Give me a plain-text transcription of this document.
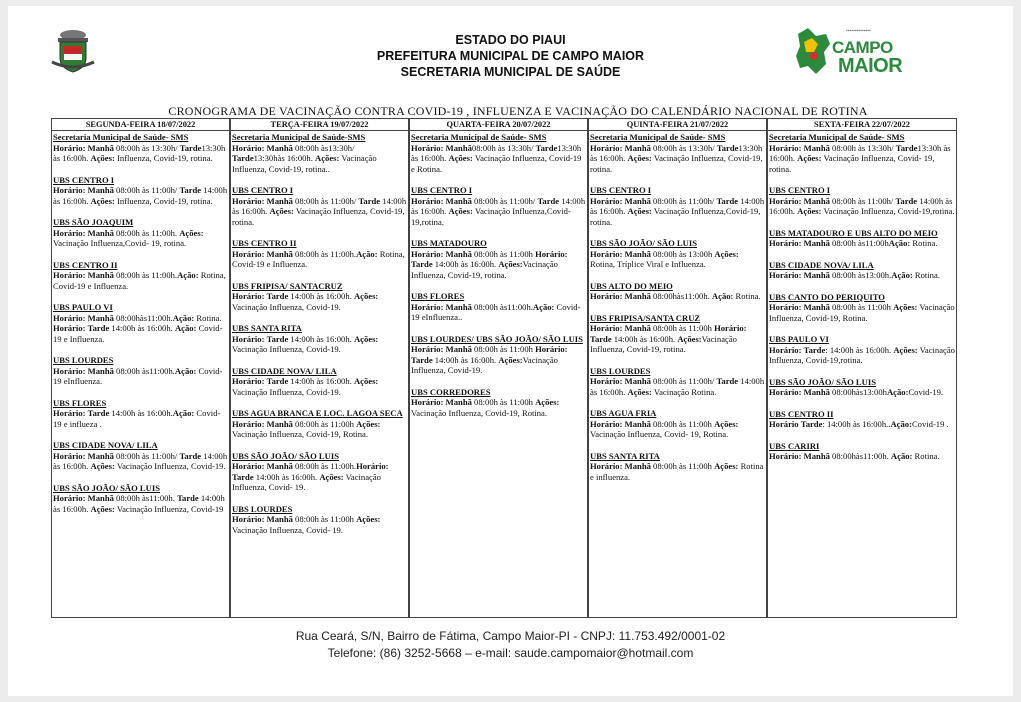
ESTADO DO PIAUI
PREFEITURA MUNICIPAL DE CAMPO MAIOR
SECRETARIA MUNICIPAL DE SAÚDE
▪▪▪▪▪▪▪▪▪▪▪▪▪▪
CAMPO
MAIOR
CRONOGRAMA DE VACINAÇÃO CONTRA COVID-19 , INFLUENZA E VACINAÇÃO DO CALENDÁRIO NACIONAL DE ROTINA
SEGUNDA-FEIRA 18/07/2022
Secretaria Municipal de Saúde- SMS
Horário: Manhã 08:00h às 13:30h/ Tarde13:30h às 16:00h. Ações: Influenza, Covid-19, rotina.
UBS CENTRO I
Horário: Manhã 08:00h às 11:00h/ Tarde 14:00h às 16:00h. Ações: Influenza, Covid-19, rotina.
UBS SÃO JOAQUIM
Horário: Manhã 08:00h às 11:00h. Ações: Vacinação Influenza,Covid- 19, rotina.
UBS CENTRO II
Horário: Manhã 08:00h às 11:00h.Ação: Rotina, Covid-19 e Influenza.
UBS PAULO VI
Horário: Manhã 08:00hàs11:00h.Ação: Rotina. Horário: Tarde 14:00h às 16:00h. Ação: Covid-19 e Influenza.
UBS LOURDES
Horário: Manhã 08:00h às11:00h.Ação: Covid- 19 eInfluenza.
UBS FLORES
Horário: Tarde 14:00h às 16:00h.Ação: Covid-19 e influeza .
UBS CIDADE NOVA/ LILA
Horário: Manhã 08:00h às 11:00h/ Tarde 14:00h às 16:00h. Ações: Vacinação Influenza, Covid-19.
UBS SÃO JOÃO/ SÃO LUIS
Horário: Manhã 08:00h às11:00h. Tarde 14:00h às 16:00h. Ações: Vacinação Influenza, Covid-19
TERÇA-FEIRA 19/07/2022
Secretaria Municipal de Saúde-SMS
Horário: Manhã 08:00h às13:30h/ Tarde13:30hàs 16:00h. Ações: Vacinação Influenza, Covid-19, rotina..
UBS CENTRO I
Horário: Manhã 08:00h às 11:00h/ Tarde 14:00h às 16:00h. Ações: Vacinação Influenza, Covid-19, rotina.
UBS CENTRO II
Horário: Manhã 08:00h às 11:00h.Ação: Rotina, Covid-19 e Influenza.
UBS FRIPISA/ SANTACRUZ
Horário: Tarde 14:00h às 16:00h. Ações: Vacinação Influenza, Covid-19.
UBS SANTA RITA
Horário: Tarde 14:00h às 16:00h. Ações: Vacinação Influenza, Covid-19.
UBS CIDADE NOVA/ LILA
Horário: Tarde 14:00h às 16:00h. Ações: Vacinação Influenza, Covid-19.
UBS AGUA BRANCA E LOC. LAGOA SECA
Horário: Manhã 08:00h às 11:00h Ações: Vacinação Influenza, Covid-19, Rotina.
UBS SÃO JOÃO/ SÃO LUIS
Horário: Manhã 08:00h às 11:00h.Horário: Tarde 14:00h às 16:00h. Ações: Vacinação Influenza, Covid- 19.
UBS LOURDES
Horário: Manhã 08:00h às 11:00h Ações: Vacinação Influenza, Covid- 19.
QUARTA-FEIRA 20/07/2022
Secretaria Municipal de Saúde- SMS
Horário: Manhã08:00h às 13:30h/ Tarde13:30h às 16:00h. Ações: Vacinação Influenza, Covid-19 e Rotina.
UBS CENTRO I
Horário: Manhã 08:00h às 11:00h/ Tarde 14:00h às 16:00h. Ações: Vacinação Influenza,Covid-19,rotina.
UBS MATADOURO
Horário: Manhã 08:00h às 11:00h Horário: Tarde 14:00h às 16:00h. Ações:Vacinação Influenza, Covid-19, rotina.
UBS FLORES
Horário: Manhã 08:00h às11:00h.Ação: Covid- 19 eInfluenza..
UBS LOURDES/ UBS SÃO JOÃO/ SÃO LUIS
Horário: Manhã 08:00h às 11:00h Horário: Tarde 14:00h às 16:00h. Ações:Vacinação Influenza, Covid-19.
UBS CORREDORES
Horário: Manhã 08:00h às 11:00h Ações: Vacinação Influenza, Covid-19, Rotina.
QUINTA-FEIRA 21/07/2022
Secretaria Municipal de Saúde- SMS
Horário: Manhã 08:00h às 13:30h/ Tarde13:30h às 16:00h. Ações: Vacinação Influenza, Covid-19, rotina.
UBS CENTRO I
Horário: Manhã 08:00h às 11:00h/ Tarde 14:00h às 16:00h. Ações: Vacinação Influenza,Covid-19, rotina.
UBS SÃO JOÃO/ SÃO LUIS
Horário: Manhã 08:00h às 13:00h Ações: Rotina, Tríplice Viral e Influenza.
UBS ALTO DO MEIO
Horário: Manhã 08:00hàs11:00h. Ação: Rotina.
UBS FRIPISA/SANTA CRUZ
Horário: Manhã 08:00h às 11:00h Horário: Tarde 14:00h às 16:00h. Ações:Vacinação Influenza, Covid-19, rotina.
UBS LOURDES
Horário: Manhã 08:00h às 11:00h/ Tarde 14:00h às 16:00h. Ações: Vacinação Rotina.
UBS AGUA FRIA
Horário: Manhã 08:00h às 11:00h Ações: Vacinação Influenza, Covid- 19, Rotina.
UBS SANTA RITA
Horário: Manhã 08:00h às 11:00h Ações: Rotina e influenza.
SEXTA-FEIRA 22/07/2022
Secretaria Municipal de Saúde- SMS
Horário: Manhã 08:00h às 13:30h/ Tarde13:30h às 16:00h. Ações: Vacinação Influenza, Covid- 19, rotina.
UBS CENTRO I
Horário: Manhã 08:00h às 11:00h/ Tarde 14:00h às 16:00h. Ações: Vacinação Influenza, Covid-19,rotina.
UBS MATADOURO E UBS ALTO DO MEIO
Horário: Manhã 08:00h às11:00hAção: Rotina.
UBS CIDADE NOVA/ LILA
Horário: Manhã 08:00h às13:00h.Ação: Rotina.
UBS CANTO DO PERIQUITO
Horário: Manhã 08:00h às 11:00h Ações: Vacinação Influenza, Covid-19, Rotina.
UBS PAULO VI
Horário: Tarde: 14:00h às 16:00h. Ações: Vacinação Influenza, Covid-19,rotina.
UBS SÃO JOÃO/ SÃO LUIS
Horário: Manhã 08:00hàs13:00hAção:Covid-19.
UBS CENTRO II
Horário Tarde: 14:00h às 16:00h..Ação:Covid-19 .
UBS CARIRI
Horário: Manhã 08:00hàs11:00h. Ação: Rotina.
Rua Ceará, S/N, Bairro de Fátima, Campo Maior-PI - CNPJ: 11.753.492/0001-02
Telefone: (86) 3252-5668 – e-mail: saude.campomaior@hotmail.com
